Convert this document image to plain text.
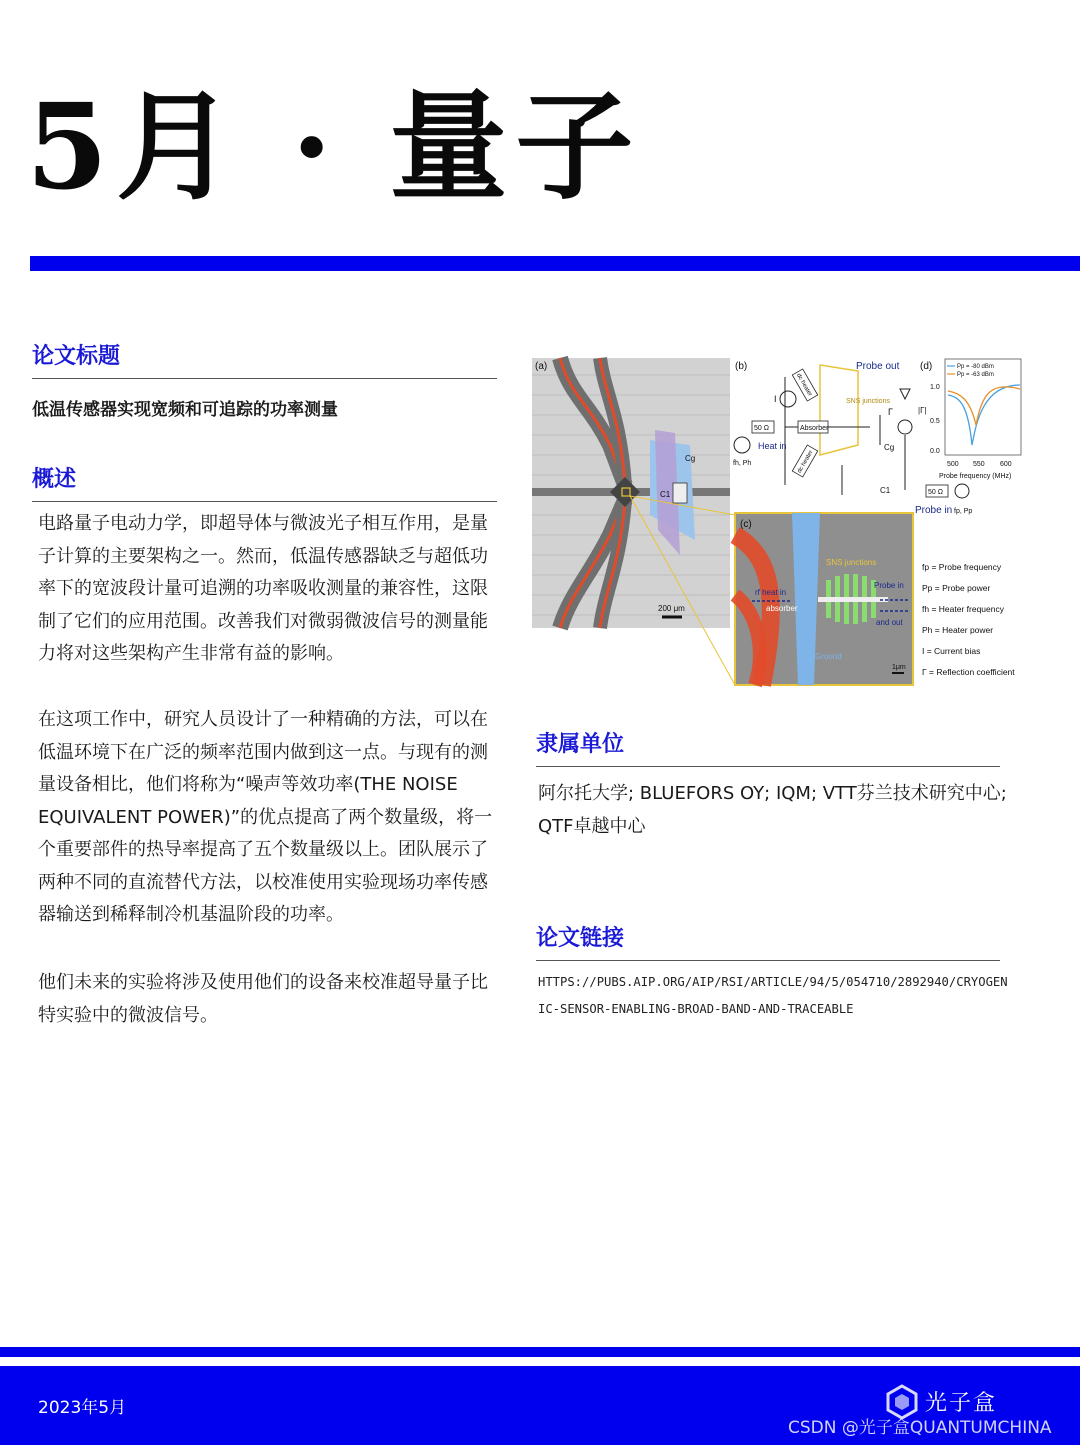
5月 · 量子
论文标题
低温传感器实现宽频和可追踪的功率测量
概述
电路量子电动力学，即超导体与微波光子相互作用，是量子计算的主要架构之一。然而，低温传感器缺乏与超低功率下的宽波段计量可追溯的功率吸收测量的兼容性，这限制了它们的应用范围。改善我们对微弱微波信号的测量能力将对这些架构产生非常有益的影响。
在这项工作中，研究人员设计了一种精确的方法，可以在低温环境下在广泛的频率范围内做到这一点。与现有的测量设备相比，他们将称为“噪声等效功率(THE NOISE EQUIVALENT POWER)”的优点提高了两个数量级，将一个重要部件的热导率提高了五个数量级以上。团队展示了两种不同的直流替代方法，以校准使用实验现场功率传感器输送到稀释制冷机基温阶段的功率。
他们未来的实验将涉及使用他们的设备来校准超导量子比特实验中的微波信号。
(a)
C1
Cg
200 μm
(b)	Probe out
SNS junctions
Absorber
dc heater
dc heater
I
50 Ω
Heat in
fh, Ph
Cg
Γ
C1	50 Ω
Probe in fp, Pp
(d)	Pp = -80 dBm
Pp = -63 dBm
1.0
0.5
0.0
|Γ|
500 550 600
Probe frequency (MHz)
(c)
SNS junctions
rf heat in
absorber
Probe in
and out
Ground
1μm
fp = Probe frequency
Pp = Probe power
fh = Heater frequency
Ph = Heater power
I = Current bias
Γ = Reflection coefficient
隶属单位
阿尔托大学; BLUEFORS OY; IQM; VTT芬兰技术研究中心; QTF卓越中心
论文链接
HTTPS://PUBS.AIP.ORG/AIP/RSI/ARTICLE/94/5/054710/2892940/CRYOGENIC-SENSOR-ENABLING-BROAD-BAND-AND-TRACEABLE
2023年5月	光子盒
CSDN @光子盒QUANTUMCHINA
